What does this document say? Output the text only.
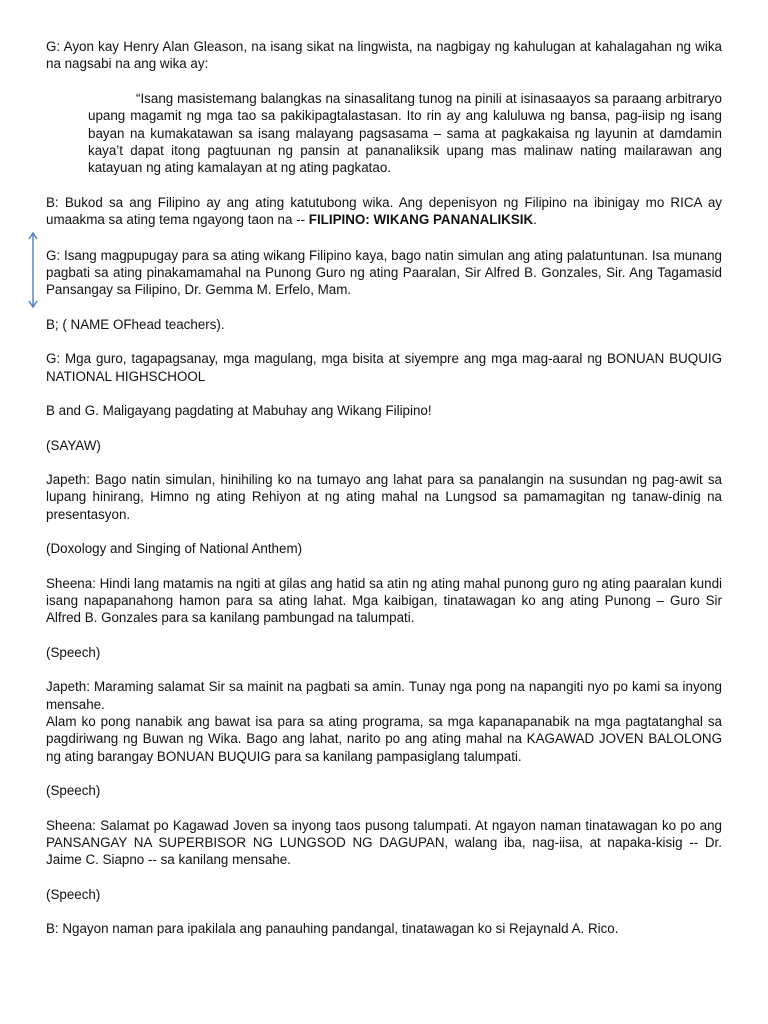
G: Ayon kay Henry Alan Gleason, na isang sikat na lingwista, na nagbigay ng kahulugan at kahalagahan ng wika na nagsabi na ang wika ay:

“Isang masistemang balangkas na sinasalitang tunog na pinili at isinasaayos sa paraang arbitraryo upang magamit ng mga tao sa pakikipagtalastasan. Ito rin ay ang kaluluwa ng bansa, pag-iisip ng isang bayan na kumakatawan sa isang malayang pagsasama – sama at pagkakaisa ng layunin at damdamin kaya’t dapat itong pagtuunan ng pansin at pananaliksik upang mas malinaw nating mailarawan ang katayuan ng ating kamalayan at ng ating pagkatao.

B: Bukod sa ang Filipino ay ang ating katutubong wika. Ang depenisyon ng Filipino na ibinigay mo RICA ay umaakma sa ating tema ngayong taon na -- FILIPINO: WIKANG PANANALIKSIK.

G: Isang magpupugay para sa ating wikang Filipino kaya, bago natin simulan ang ating palatuntunan. Isa munang pagbati sa ating pinakamamahal na Punong Guro ng ating Paaralan, Sir Alfred B. Gonzales, Sir. Ang Tagamasid Pansangay sa Filipino, Dr. Gemma M. Erfelo, Mam.

B; ( NAME OFhead teachers).

G: Mga guro, tagapagsanay, mga magulang, mga bisita at siyempre ang mga mag-aaral ng BONUAN BUQUIG NATIONAL HIGHSCHOOL

B and G. Maligayang pagdating at Mabuhay ang Wikang Filipino!

(SAYAW)

Japeth: Bago natin simulan, hinihiling ko na tumayo ang lahat para sa panalangin na susundan ng pag-awit sa lupang hinirang, Himno ng ating Rehiyon at ng ating mahal na Lungsod sa pamamagitan ng tanaw-dinig na presentasyon.

(Doxology and Singing of National Anthem)

Sheena: Hindi lang matamis na ngiti at gilas ang hatid sa atin ng ating mahal punong guro ng ating paaralan kundi isang napapanahong hamon para sa ating lahat. Mga kaibigan, tinatawagan ko ang ating Punong – Guro Sir Alfred B. Gonzales para sa kanilang pambungad na talumpati.

(Speech)

Japeth: Maraming salamat Sir sa mainit na pagbati sa amin. Tunay nga pong na napangiti nyo po kami sa inyong mensahe.

Alam ko pong nanabik ang bawat isa para sa ating programa, sa mga kapanapanabik na mga pagtatanghal sa pagdiriwang ng Buwan ng Wika. Bago ang lahat, narito po ang ating mahal na KAGAWAD JOVEN BALOLONG ng ating barangay BONUAN BUQUIG para sa kanilang pampasiglang talumpati.

(Speech)

Sheena: Salamat po Kagawad Joven sa inyong taos pusong talumpati. At ngayon naman tinatawagan ko po ang PANSANGAY NA SUPERBISOR NG LUNGSOD NG DAGUPAN, walang iba, nag-iisa, at napaka-kisig -- Dr. Jaime C. Siapno -- sa kanilang mensahe.

(Speech)

B: Ngayon naman para ipakilala ang panauhing pandangal, tinatawagan ko si Rejaynald A. Rico.
